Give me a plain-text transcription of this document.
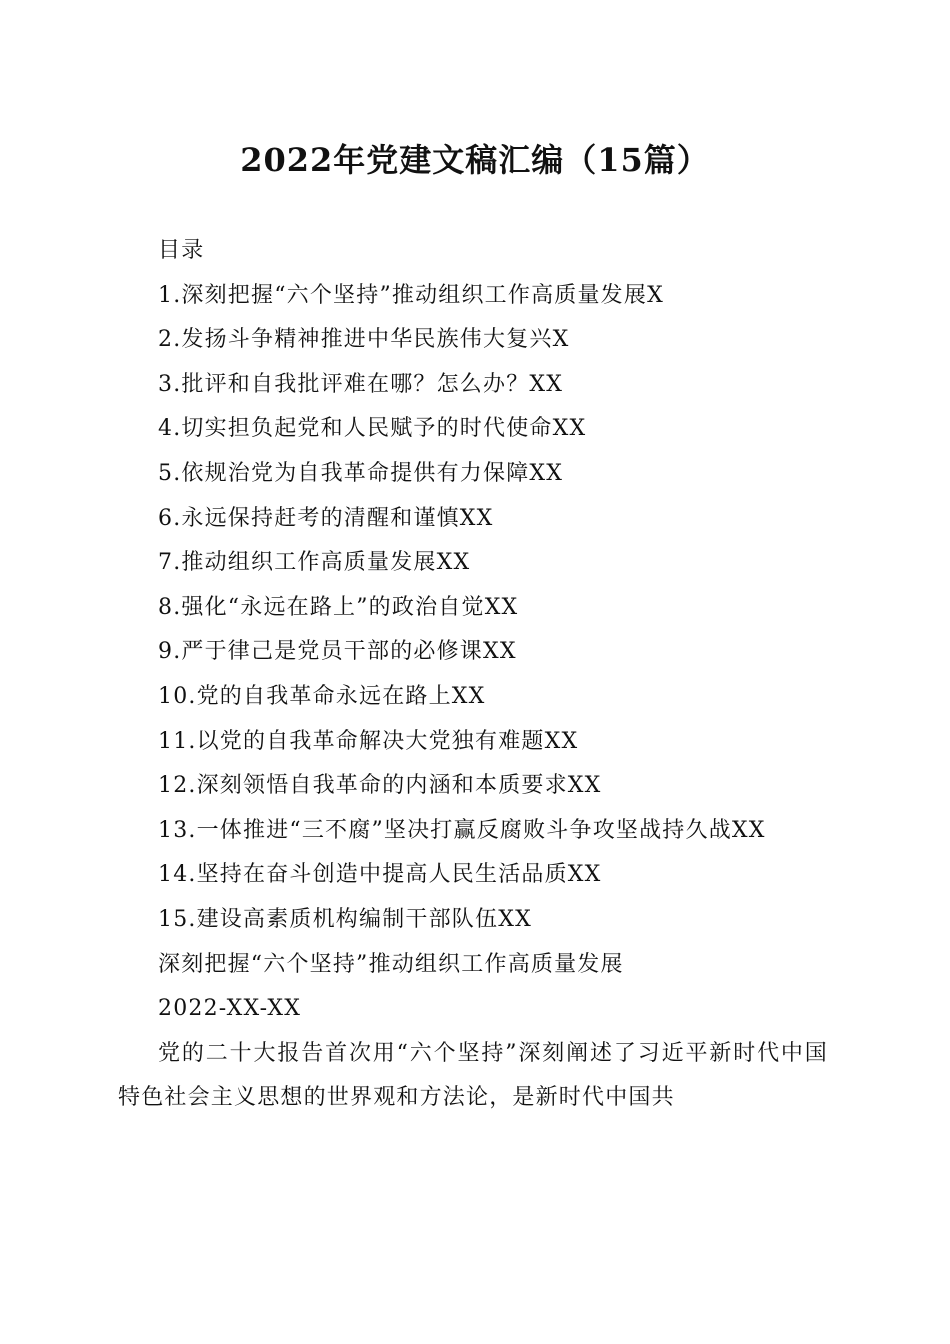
2022年党建文稿汇编（15篇）

目录

1.深刻把握“六个坚持”推动组织工作高质量发展X

2.发扬斗争精神推进中华民族伟大复兴X

3.批评和自我批评难在哪？怎么办？XX

4.切实担负起党和人民赋予的时代使命XX

5.依规治党为自我革命提供有力保障XX

6.永远保持赶考的清醒和谨慎XX

7.推动组织工作高质量发展XX

8.强化“永远在路上”的政治自觉XX

9.严于律己是党员干部的必修课XX

10.党的自我革命永远在路上XX

11.以党的自我革命解决大党独有难题XX

12.深刻领悟自我革命的内涵和本质要求XX

13.一体推进“三不腐”坚决打赢反腐败斗争攻坚战持久战XX

14.坚持在奋斗创造中提高人民生活品质XX

15.建设高素质机构编制干部队伍XX

深刻把握“六个坚持”推动组织工作高质量发展

2022-XX-XX

党的二十大报告首次用“六个坚持”深刻阐述了习近平新时代中国特色社会主义思想的世界观和方法论，是新时代中国共
